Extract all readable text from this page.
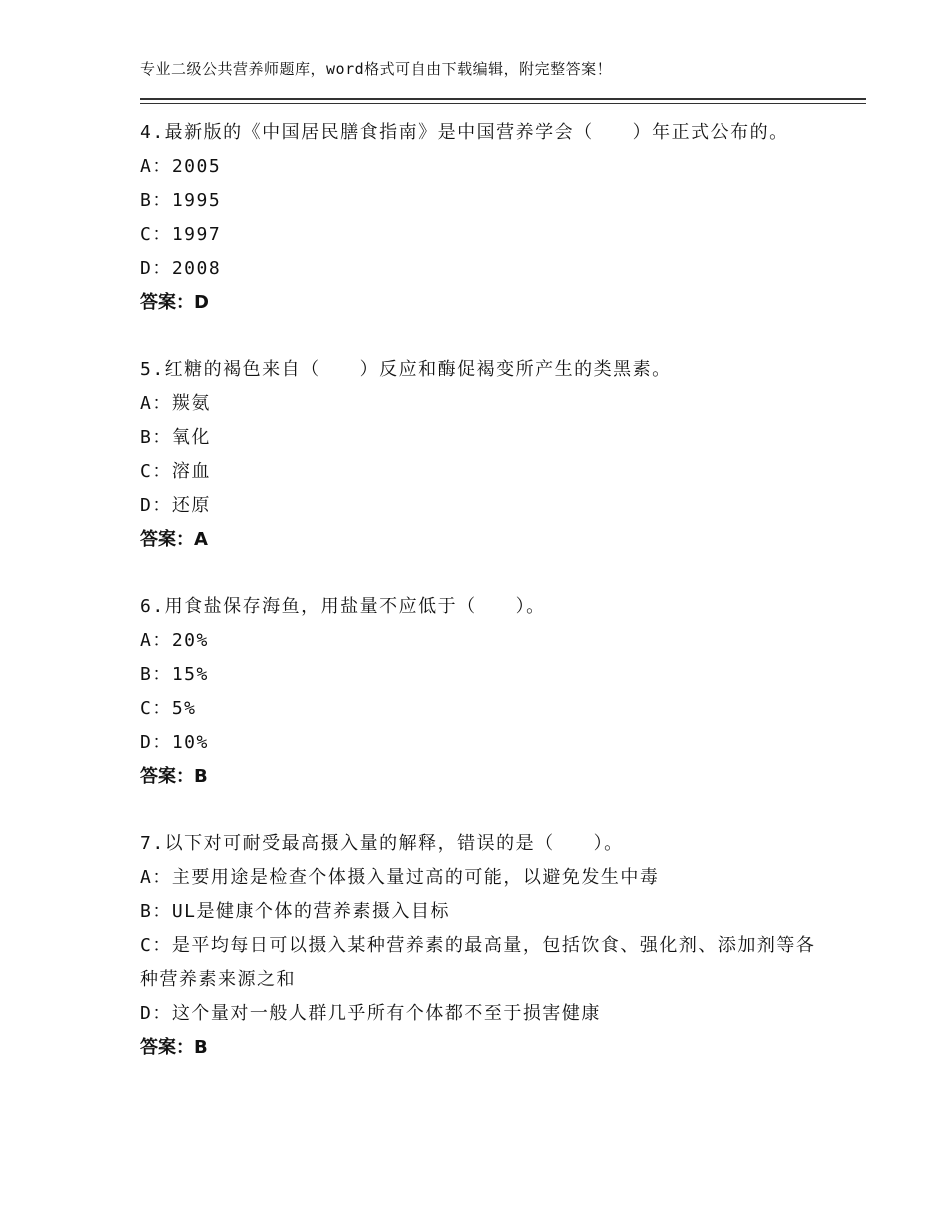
专业二级公共营养师题库，word格式可自由下载编辑，附完整答案！
4.最新版的《中国居民膳食指南》是中国营养学会（　　）年正式公布的。
A：2005
B：1995
C：1997
D：2008
答案：D
5.红糖的褐色来自（　　）反应和酶促褐变所产生的类黑素。
A：羰氨
B：氧化
C：溶血
D：还原
答案：A
6.用食盐保存海鱼，用盐量不应低于（　　）。
A：20%
B：15%
C：5%
D：10%
答案：B
7.以下对可耐受最高摄入量的解释，错误的是（　　）。
A：主要用途是检查个体摄入量过高的可能，以避免发生中毒
B：UL是健康个体的营养素摄入目标
C：是平均每日可以摄入某种营养素的最高量，包括饮食、强化剂、添加剂等各种营养素来源之和
D：这个量对一般人群几乎所有个体都不至于损害健康
答案：B
